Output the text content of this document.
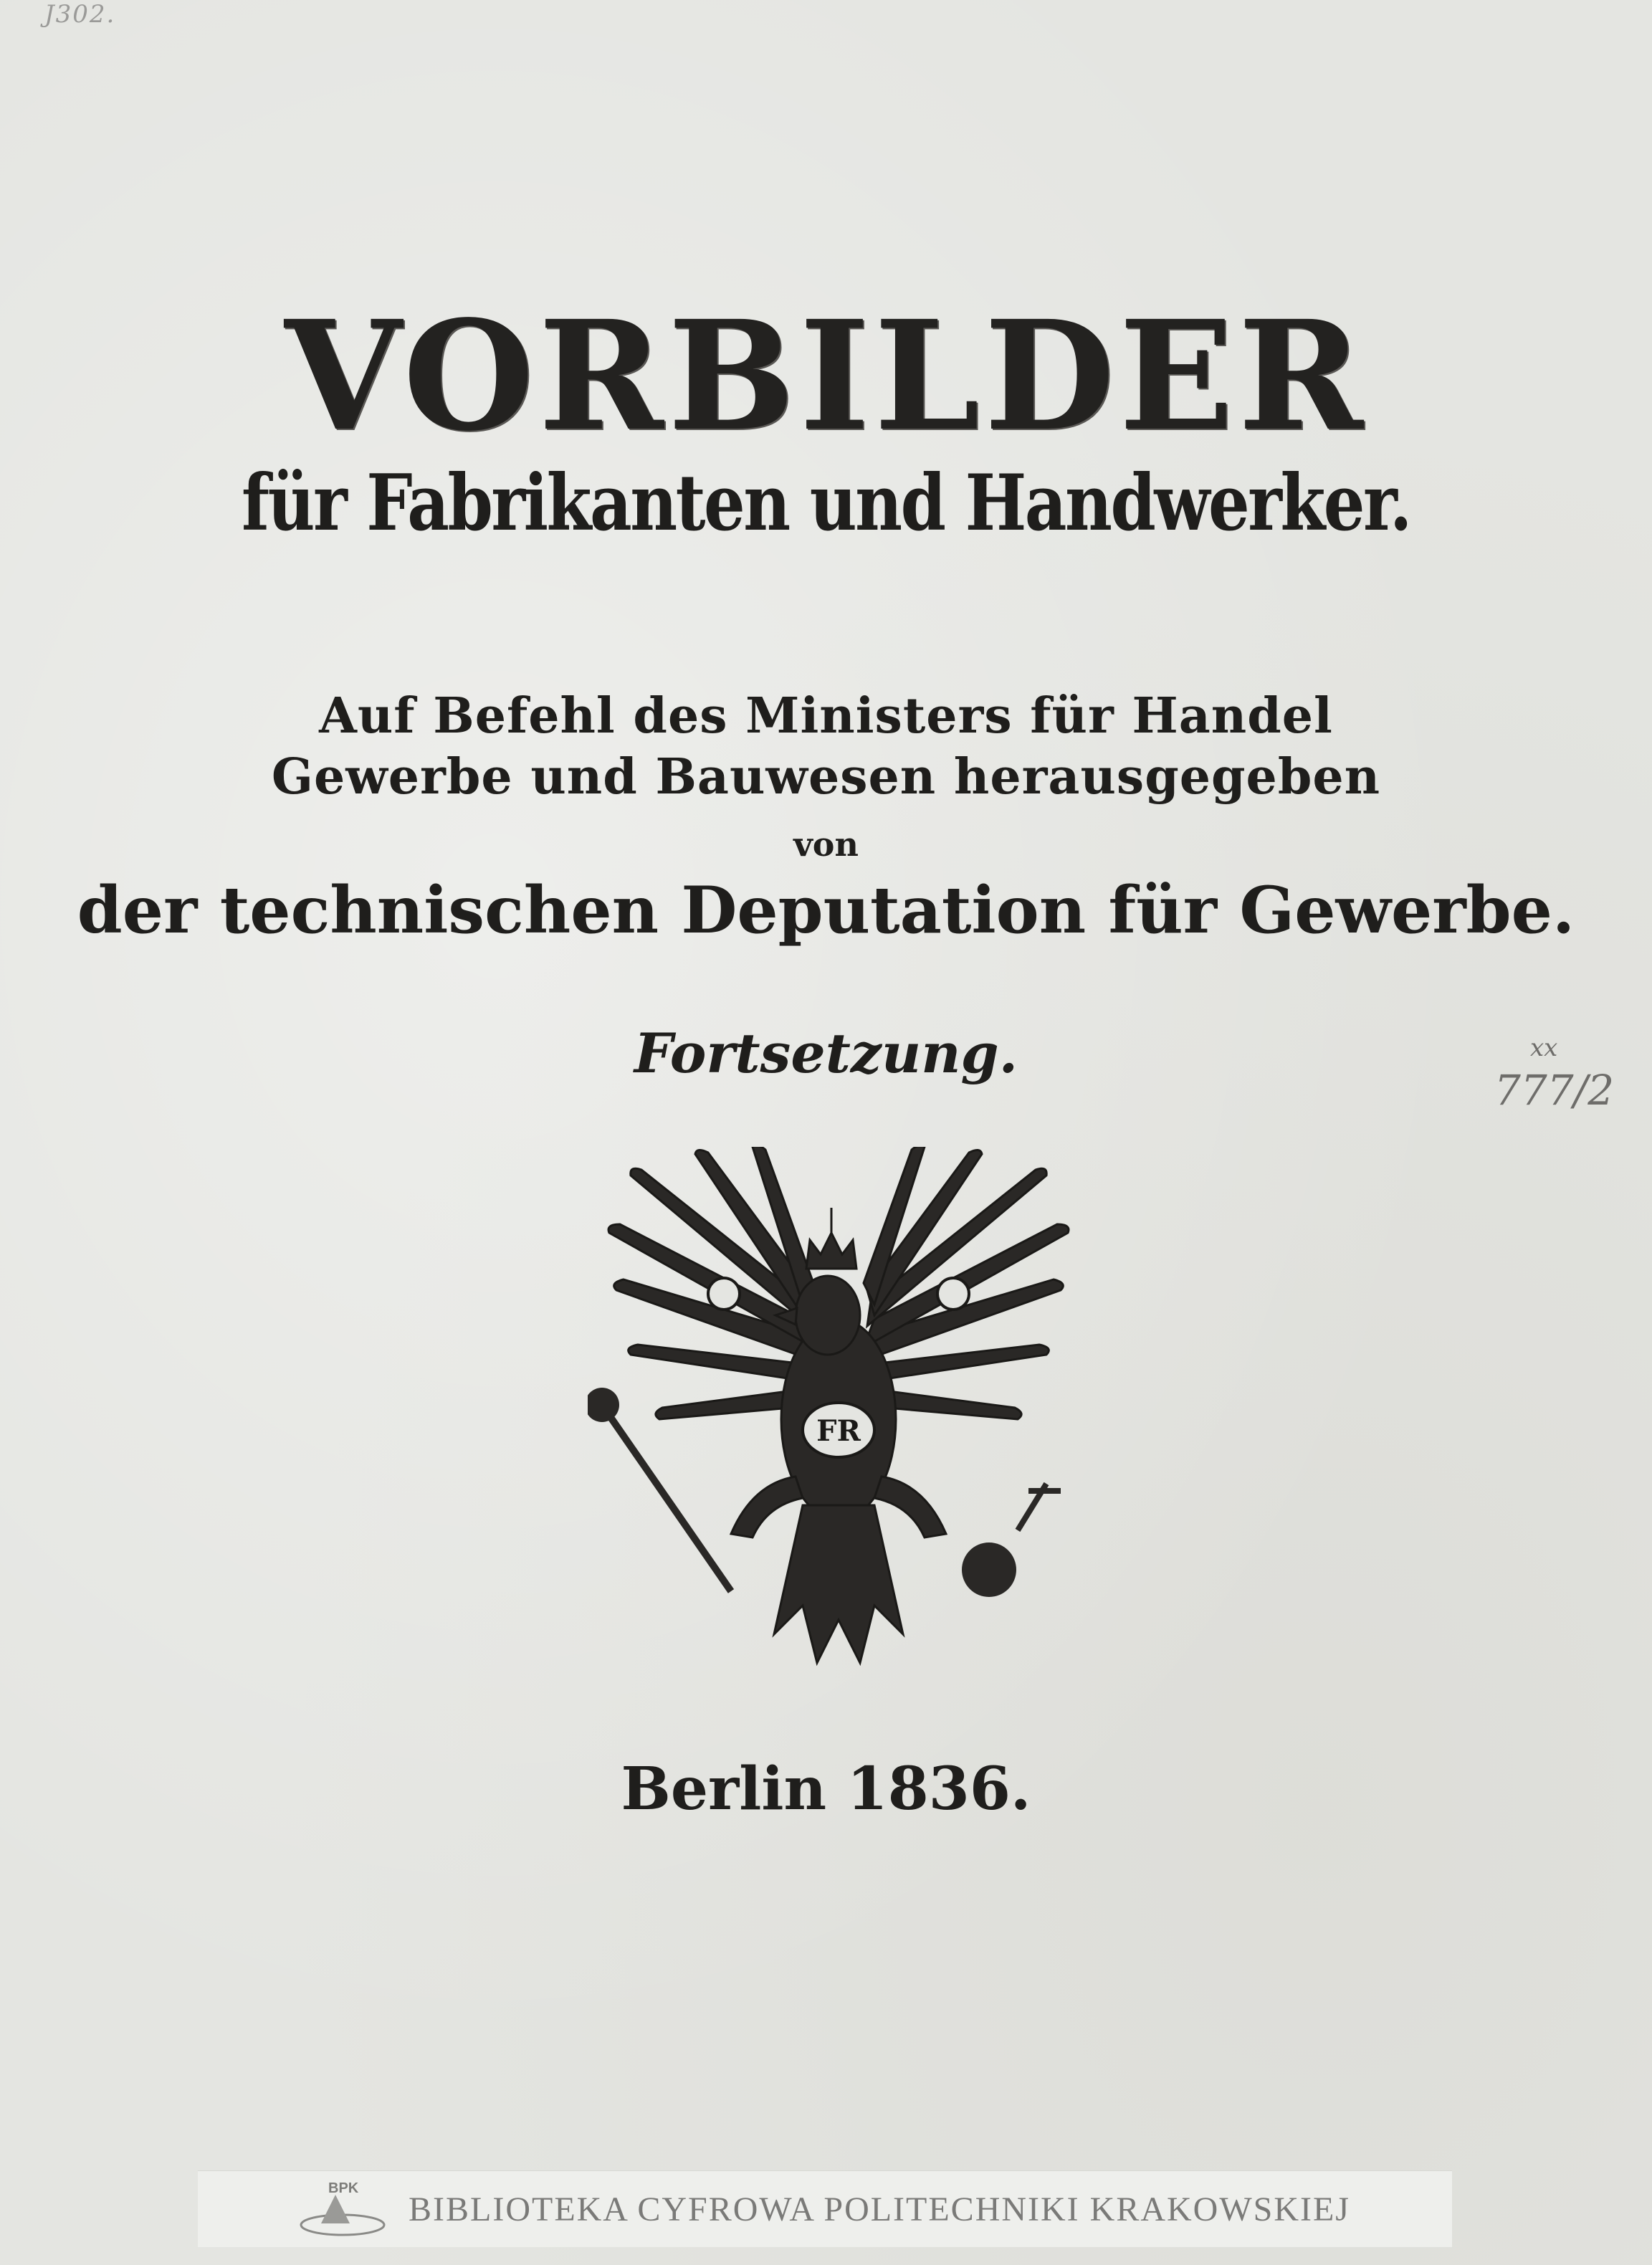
J302.
VORBILDER
für Fabrikanten und Handwerker.
Auf Befehl des Ministers für Handel
Gewerbe und Bauwesen herausgegeben
von
der technischen Deputation für Gewerbe.
Fortsetzung.
FR
Berlin 1836.
xx
777/2
BPK
BIBLIOTEKA CYFROWA POLITECHNIKI KRAKOWSKIEJ
